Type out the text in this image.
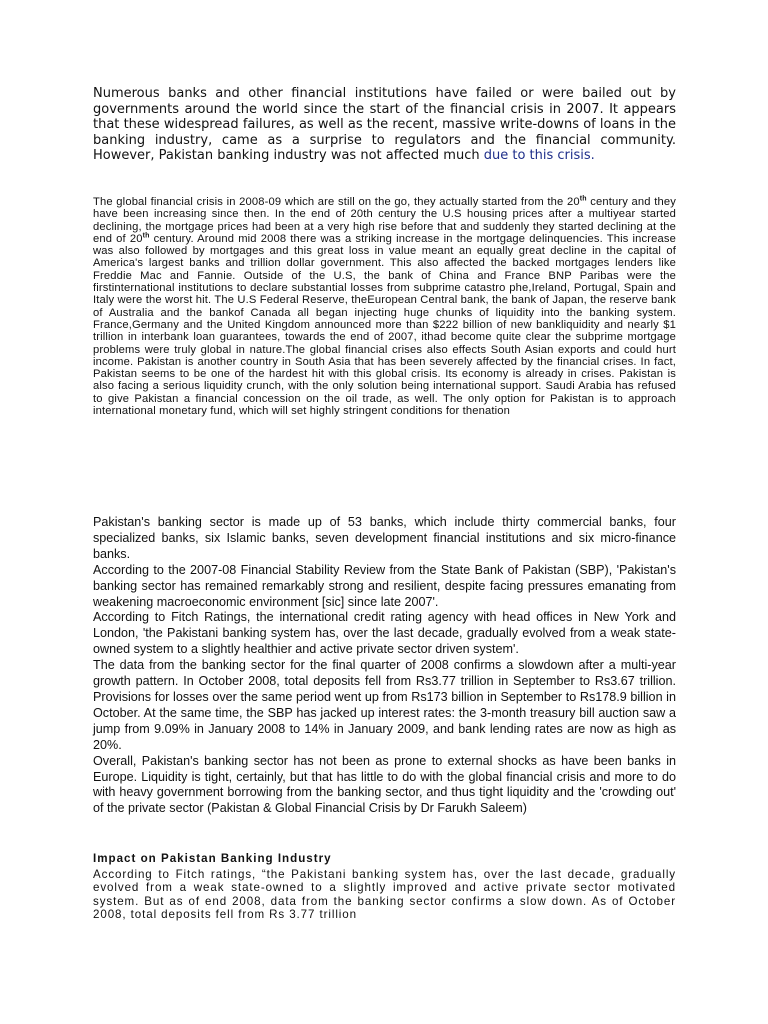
Numerous banks and other financial institutions have failed or were bailed out by governments around the world since the start of the financial crisis in 2007. It appears that these widespread failures, as well as the recent, massive write-downs of loans in the banking industry, came as a surprise to regulators and the financial community. However, Pakistan banking industry was not affected much due to this crisis.

The global financial crisis in 2008-09 which are still on the go, they actually started from the 20th century and they have been increasing since then. In the end of 20th century the U.S housing prices after a multiyear started declining, the mortgage prices had been at a very high rise before that and suddenly they started declining at the end of 20th century. Around mid 2008 there was a striking increase in the mortgage delinquencies. This increase was also followed by mortgages and this great loss in value meant an equally great decline in the capital of America's largest banks and trillion dollar government. This also affected the backed mortgages lenders like Freddie Mac and Fannie. Outside of the U.S, the bank of China and France BNP Paribas were the firstinternational institutions to declare substantial losses from subprime catastro phe,Ireland, Portugal, Spain and Italy were the worst hit. The U.S Federal Reserve, theEuropean Central bank, the bank of Japan, the reserve bank of Australia and the bankof Canada all began injecting huge chunks of liquidity into the banking system. France,Germany and the United Kingdom announced more than $222 billion of new bankliquidity and nearly $1 trillion in interbank loan guarantees, towards the end of 2007, ithad become quite clear the subprime mortgage problems were truly global in nature.The global financial crises also effects South Asian exports and could hurt income. Pakistan is another country in South Asia that has been severely affected by the financial crises. In fact, Pakistan seems to be one of the hardest hit with this global crisis. Its economy is already in crises. Pakistan is also facing a serious liquidity crunch, with the only solution being international support. Saudi Arabia has refused to give Pakistan a financial concession on the oil trade, as well. The only option for Pakistan is to approach international monetary fund, which will set highly stringent conditions for thenation

Pakistan's banking sector is made up of 53 banks, which include thirty commercial banks, four specialized banks, six Islamic banks, seven development financial institutions and six micro-finance banks.

According to the 2007-08 Financial Stability Review from the State Bank of Pakistan (SBP), 'Pakistan's banking sector has remained remarkably strong and resilient, despite facing pressures emanating from weakening macroeconomic environment [sic] since late 2007'.

According to Fitch Ratings, the international credit rating agency with head offices in New York and London, 'the Pakistani banking system has, over the last decade, gradually evolved from a weak state-owned system to a slightly healthier and active private sector driven system'.

The data from the banking sector for the final quarter of 2008 confirms a slowdown after a multi-year growth pattern. In October 2008, total deposits fell from Rs3.77 trillion in September to Rs3.67 trillion. Provisions for losses over the same period went up from Rs173 billion in September to Rs178.9 billion in October. At the same time, the SBP has jacked up interest rates: the 3-month treasury bill auction saw a jump from 9.09% in January 2008 to 14% in January 2009, and bank lending rates are now as high as 20%.

Overall, Pakistan's banking sector has not been as prone to external shocks as have been banks in Europe. Liquidity is tight, certainly, but that has little to do with the global financial crisis and more to do with heavy government borrowing from the banking sector, and thus tight liquidity and the 'crowding out' of the private sector (Pakistan & Global Financial Crisis by Dr Farukh Saleem)

Impact on Pakistan Banking Industry

According to Fitch ratings, “the Pakistani banking system has, over the last decade, gradually evolved from a weak state-owned to a slightly improved and active private sector motivated system. But as of end 2008, data from the banking sector confirms a slow down. As of October 2008, total deposits fell from Rs 3.77 trillion
